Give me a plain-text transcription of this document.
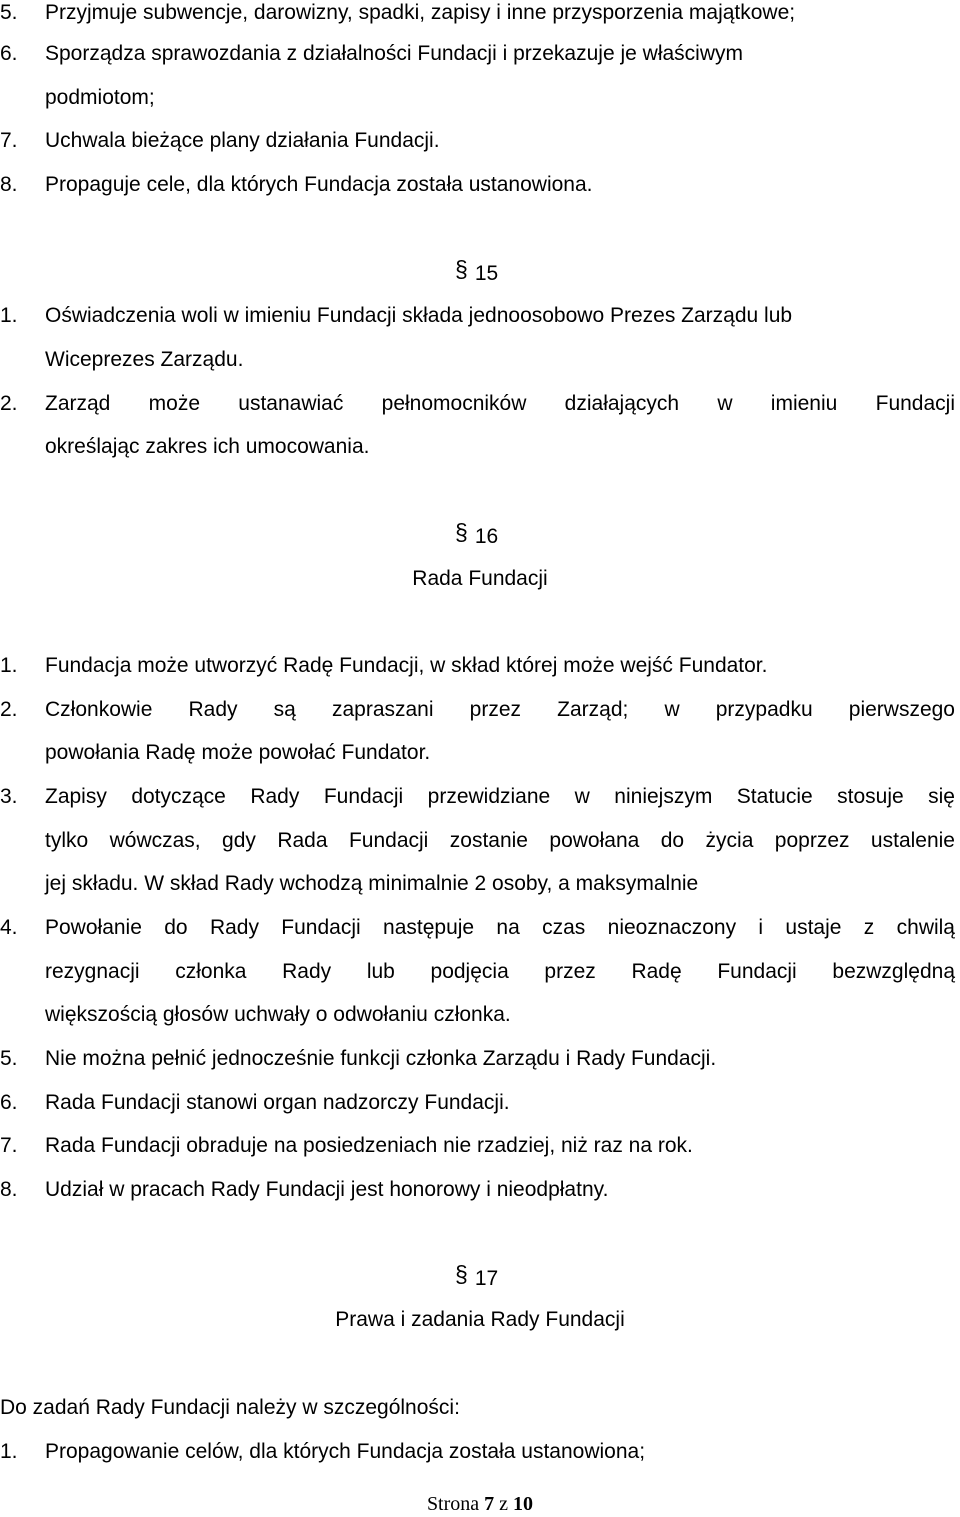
5. Przyjmuje subwencje, darowizny, spadki, zapisy i inne przysporzenia majątkowe;
6. Sporządza sprawozdania z działalności Fundacji i przekazuje je właściwym
podmiotom;
7. Uchwala bieżące plany działania Fundacji.
8. Propaguje cele, dla których Fundacja została ustanowiona.
§ 15
1. Oświadczenia woli w imieniu Fundacji składa jednoosobowo Prezes Zarządu lub
Wiceprezes Zarządu.
2. Zarząd może ustanawiać pełnomocników działających w imieniu Fundacji
określając zakres ich umocowania.
§ 16
Rada Fundacji
1. Fundacja może utworzyć Radę Fundacji, w skład której może wejść Fundator.
2. Członkowie Rady są zapraszani przez Zarząd; w przypadku pierwszego
powołania Radę może powołać Fundator.
3. Zapisy dotyczące Rady Fundacji przewidziane w niniejszym Statucie stosuje się
tylko wówczas, gdy Rada Fundacji zostanie powołana do życia poprzez ustalenie
jej składu. W skład Rady wchodzą minimalnie 2 osoby, a maksymalnie
4. Powołanie do Rady Fundacji następuje na czas nieoznaczony i ustaje z chwilą
rezygnacji członka Rady lub podjęcia przez Radę Fundacji bezwzględną
większością głosów uchwały o odwołaniu członka.
5. Nie można pełnić jednocześnie funkcji członka Zarządu i Rady Fundacji.
6. Rada Fundacji stanowi organ nadzorczy Fundacji.
7. Rada Fundacji obraduje na posiedzeniach nie rzadziej, niż raz na rok.
8. Udział w pracach Rady Fundacji jest honorowy i nieodpłatny.
§ 17
Prawa i zadania Rady Fundacji
Do zadań Rady Fundacji należy w szczególności:
1. Propagowanie celów, dla których Fundacja została ustanowiona;
Strona 7 z 10
